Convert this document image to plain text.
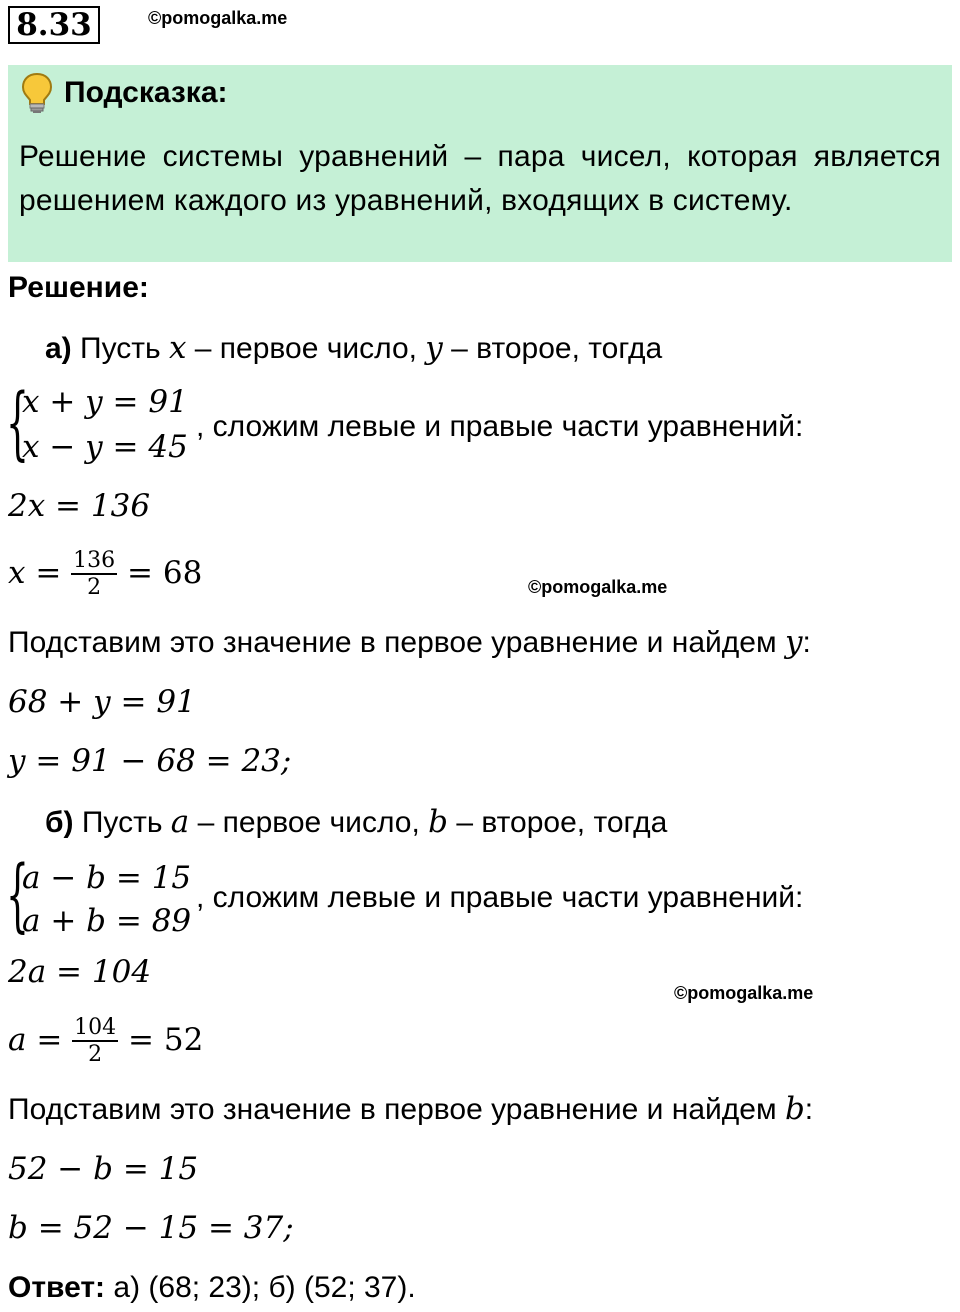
8.33	©pomogalka.me
Подсказка:
Решение системы уравнений – пара чисел, которая является решением каждого из уравнений, входящих в систему.
Решение:
а) Пусть x – первое число, y – второе, тогда
{
x + y = 91
x − y = 45
, сложим левые и правые части уравнений:
2x = 136
$x = \frac{136}{2} = 68$	©pomogalka.me
Подставим это значение в первое уравнение и найдем y:
68 + y = 91
y = 91 − 68 = 23;
б) Пусть a – первое число, b – второе, тогда
{
a − b = 15
a + b = 89
, сложим левые и правые части уравнений:
2a = 104
©pomogalka.me
$a = \frac{104}{2} = 52$
Подставим это значение в первое уравнение и найдем b:
52 − b = 15
b = 52 − 15 = 37;
Ответ: а) (68; 23); б) (52; 37).
